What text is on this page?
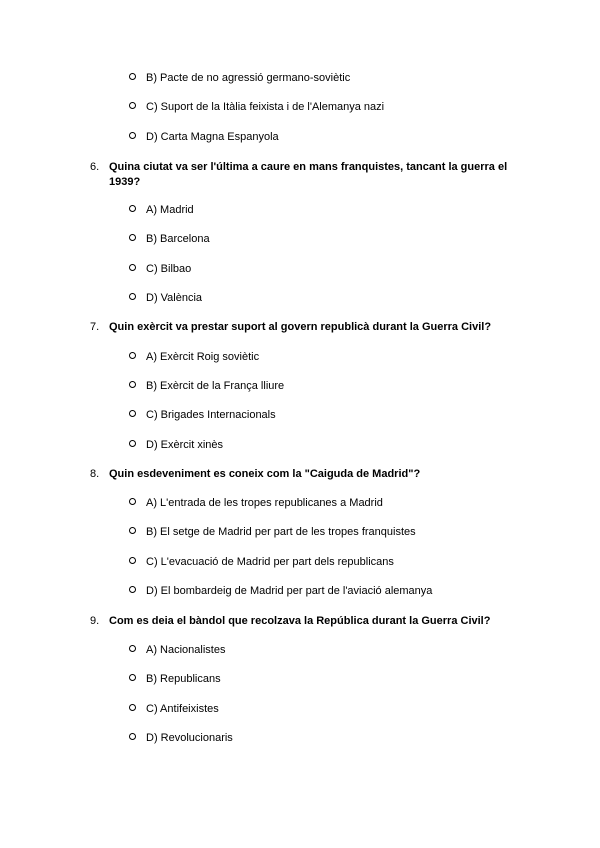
B) Pacte de no agressió germano-soviètic
C) Suport de la Itàlia feixista i de l'Alemanya nazi
D) Carta Magna Espanyola
6. Quina ciutat va ser l'última a caure en mans franquistes, tancant la guerra el 1939?
A) Madrid
B) Barcelona
C) Bilbao
D) València
7. Quin exèrcit va prestar suport al govern republicà durant la Guerra Civil?
A) Exèrcit Roig soviètic
B) Exèrcit de la França lliure
C) Brigades Internacionals
D) Exèrcit xinès
8. Quin esdeveniment es coneix com la "Caiguda de Madrid"?
A) L'entrada de les tropes republicanes a Madrid
B) El setge de Madrid per part de les tropes franquistes
C) L'evacuació de Madrid per part dels republicans
D) El bombardeig de Madrid per part de l'aviació alemanya
9. Com es deia el bàndol que recolzava la República durant la Guerra Civil?
A) Nacionalistes
B) Republicans
C) Antifeixistes
D) Revolucionaris
